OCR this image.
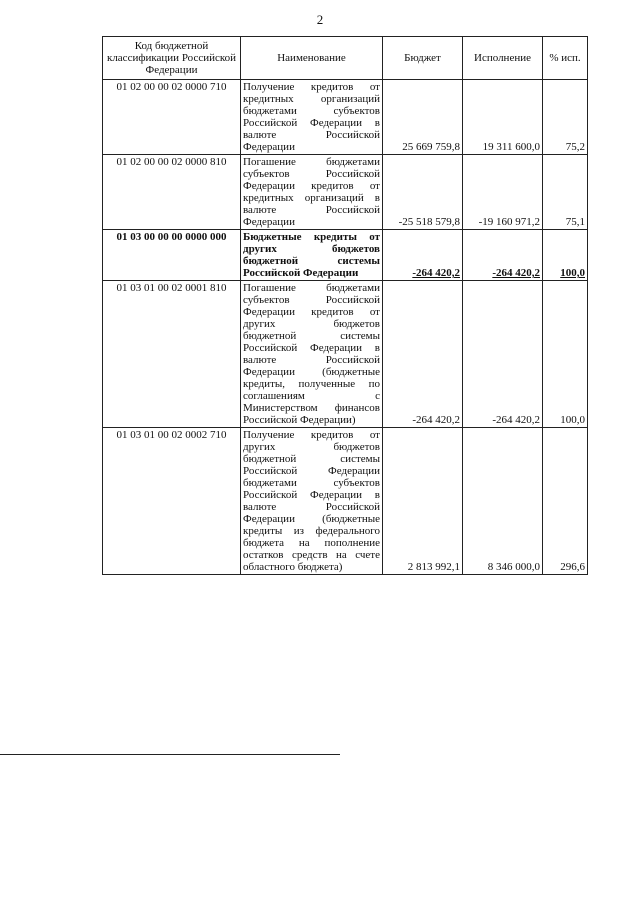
2
Код бюджетной классификации Российской Федерации	Наименование	Бюджет	Исполнение	% исп.
01 02 00 00 02 0000 710	Получение кредитов от кредитных организаций бюджетами субъектов Российской Федерации в валюте Российской Федерации	25 669 759,8	19 311 600,0	75,2
01 02 00 00 02 0000 810	Погашение бюджетами субъектов Российской Федерации кредитов от кредитных организаций в валюте Российской Федерации	-25 518 579,8	-19 160 971,2	75,1
01 03 00 00 00 0000 000	Бюджетные кредиты от других бюджетов бюджетной системы Российской Федерации	-264 420,2	-264 420,2	100,0
01 03 01 00 02 0001 810	Погашение бюджетами субъектов Российской Федерации кредитов от других бюджетов бюджетной системы Российской Федерации в валюте Российской Федерации (бюджетные кредиты, полученные по соглашениям с Министерством финансов Российской Федерации)	-264 420,2	-264 420,2	100,0
01 03 01 00 02 0002 710	Получение кредитов от других бюджетов бюджетной системы Российской Федерации бюджетами субъектов Российской Федерации в валюте Российской Федерации (бюджетные кредиты из федерального бюджета на пополнение остатков средств на счете областного бюджета)	2 813 992,1	8 346 000,0	296,6
